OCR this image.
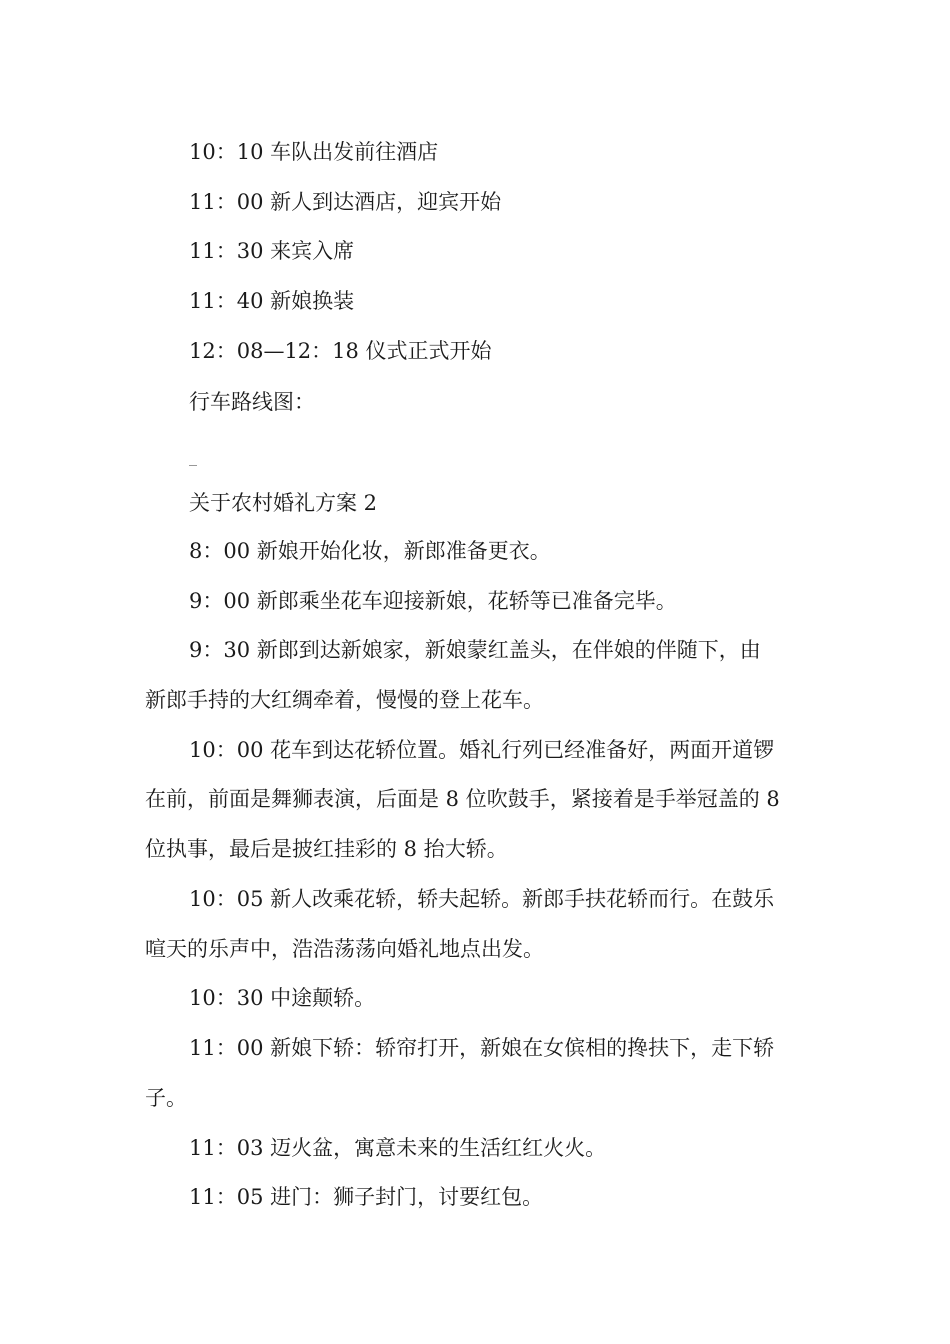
10：10 车队出发前往酒店
11：00 新人到达酒店，迎宾开始
11：30 来宾入席
11：40 新娘换装
12：08—12：18 仪式正式开始
行车路线图：
_
关于农村婚礼方案 2
8：00 新娘开始化妆，新郎准备更衣。
9：00 新郎乘坐花车迎接新娘，花轿等已准备完毕。
9：30 新郎到达新娘家，新娘蒙红盖头，在伴娘的伴随下，由
新郎手持的大红绸牵着，慢慢的登上花车。
10：00 花车到达花轿位置。婚礼行列已经准备好，两面开道锣
在前，前面是舞狮表演，后面是 8 位吹鼓手，紧接着是手举冠盖的 8
位执事，最后是披红挂彩的 8 抬大轿。
10：05 新人改乘花轿，轿夫起轿。新郎手扶花轿而行。在鼓乐
喧天的乐声中，浩浩荡荡向婚礼地点出发。
10：30 中途颠轿。
11：00 新娘下轿：轿帘打开，新娘在女傧相的搀扶下，走下轿
子。
11：03 迈火盆，寓意未来的生活红红火火。
11：05 进门：狮子封门，讨要红包。
